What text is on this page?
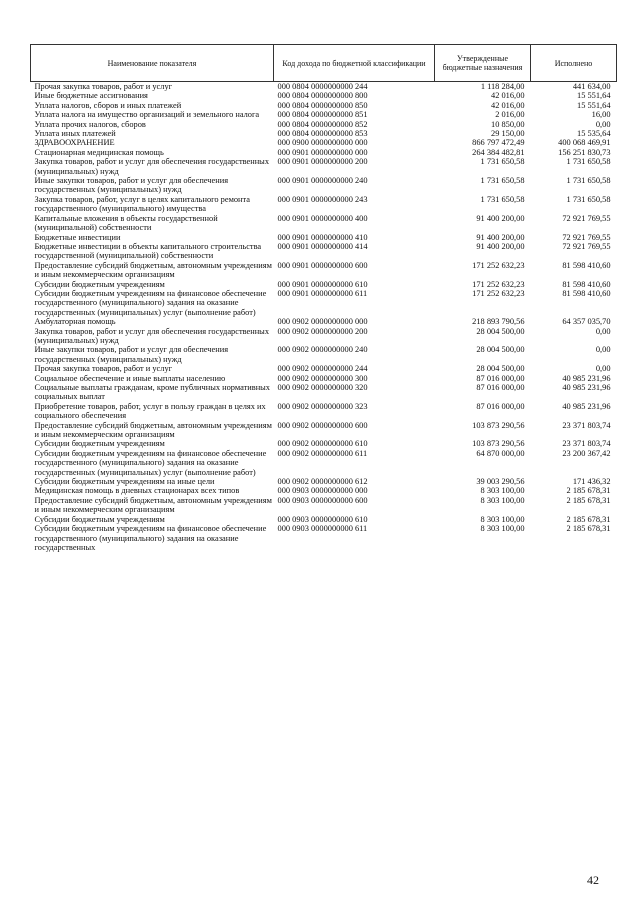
Наименование показателя	Код дохода по бюджетной классификации	Утвержденные бюджетные назначения	Исполнено
Прочая закупка товаров, работ и услуг	000 0804 0000000000 244	1 118 284,00	441 634,00
Иные бюджетные ассигнования	000 0804 0000000000 800	42 016,00	15 551,64
Уплата налогов, сборов и иных платежей	000 0804 0000000000 850	42 016,00	15 551,64
Уплата налога на имущество организаций и земельного налога	000 0804 0000000000 851	2 016,00	16,00
Уплата прочих налогов, сборов	000 0804 0000000000 852	10 850,00	0,00
Уплата иных платежей	000 0804 0000000000 853	29 150,00	15 535,64
ЗДРАВООХРАНЕНИЕ	000 0900 0000000000 000	866 797 472,49	400 068 469,91
Стационарная медицинская помощь	000 0901 0000000000 000	264 384 482,81	156 251 830,73
Закупка товаров, работ и услуг для обеспечения государственных (муниципальных) нужд	000 0901 0000000000 200	1 731 650,58	1 731 650,58
Иные закупки товаров, работ и услуг для обеспечения государственных (муниципальных) нужд	000 0901 0000000000 240	1 731 650,58	1 731 650,58
Закупка товаров, работ, услуг в целях капитального ремонта государственного (муниципального) имущества	000 0901 0000000000 243	1 731 650,58	1 731 650,58
Капитальные вложения в объекты государственной (муниципальной) собственности	000 0901 0000000000 400	91 400 200,00	72 921 769,55
Бюджетные инвестиции	000 0901 0000000000 410	91 400 200,00	72 921 769,55
Бюджетные инвестиции в объекты капитального строительства государственной (муниципальной) собственности	000 0901 0000000000 414	91 400 200,00	72 921 769,55
Предоставление субсидий бюджетным, автономным учреждениям и иным некоммерческим организациям	000 0901 0000000000 600	171 252 632,23	81 598 410,60
Субсидии бюджетным учреждениям	000 0901 0000000000 610	171 252 632,23	81 598 410,60
Субсидии бюджетным учреждениям на финансовое обеспечение государственного (муниципального) задания на оказание государственных (муниципальных) услуг (выполнение работ)	000 0901 0000000000 611	171 252 632,23	81 598 410,60
Амбулаторная помощь	000 0902 0000000000 000	218 893 790,56	64 357 035,70
Закупка товаров, работ и услуг для обеспечения государственных (муниципальных) нужд	000 0902 0000000000 200	28 004 500,00	0,00
Иные закупки товаров, работ и услуг для обеспечения государственных (муниципальных) нужд	000 0902 0000000000 240	28 004 500,00	0,00
Прочая закупка товаров, работ и услуг	000 0902 0000000000 244	28 004 500,00	0,00
Социальное обеспечение и иные выплаты населению	000 0902 0000000000 300	87 016 000,00	40 985 231,96
Социальные выплаты гражданам, кроме публичных нормативных социальных выплат	000 0902 0000000000 320	87 016 000,00	40 985 231,96
Приобретение товаров, работ, услуг в пользу граждан в целях их социального обеспечения	000 0902 0000000000 323	87 016 000,00	40 985 231,96
Предоставление субсидий бюджетным, автономным учреждениям и иным некоммерческим организациям	000 0902 0000000000 600	103 873 290,56	23 371 803,74
Субсидии бюджетным учреждениям	000 0902 0000000000 610	103 873 290,56	23 371 803,74
Субсидии бюджетным учреждениям на финансовое обеспечение государственного (муниципального) задания на оказание государственных (муниципальных) услуг (выполнение работ)	000 0902 0000000000 611	64 870 000,00	23 200 367,42
Субсидии бюджетным учреждениям на иные цели	000 0902 0000000000 612	39 003 290,56	171 436,32
Медицинская помощь в дневных стационарах всех типов	000 0903 0000000000 000	8 303 100,00	2 185 678,31
Предоставление субсидий бюджетным, автономным учреждениям и иным некоммерческим организациям	000 0903 0000000000 600	8 303 100,00	2 185 678,31
Субсидии бюджетным учреждениям	000 0903 0000000000 610	8 303 100,00	2 185 678,31
Субсидии бюджетным учреждениям на финансовое обеспечение государственного (муниципального) задания на оказание государственных	000 0903 0000000000 611	8 303 100,00	2 185 678,31
42
